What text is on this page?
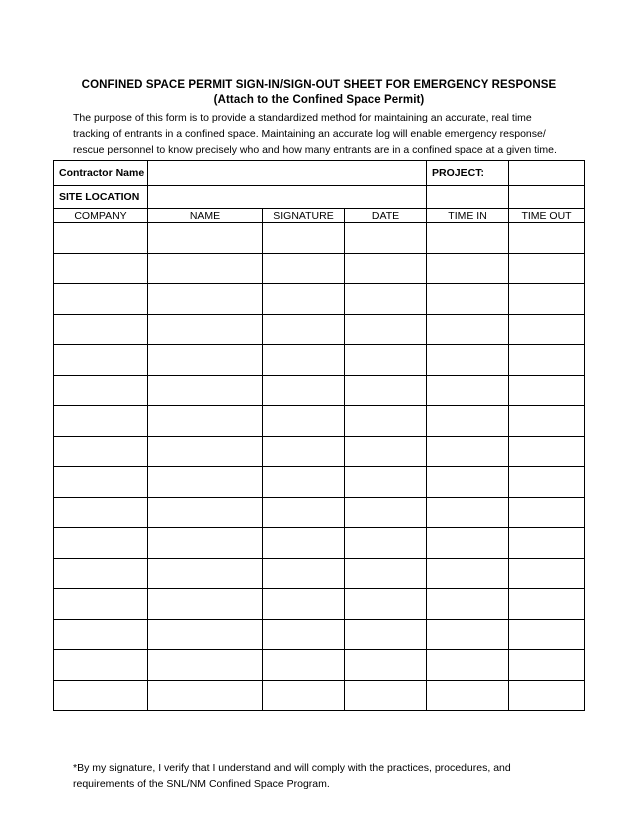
CONFINED SPACE PERMIT SIGN-IN/SIGN-OUT SHEET FOR EMERGENCY RESPONSE
(Attach to the Confined Space Permit)
The purpose of this form is to provide a standardized method for maintaining an accurate, real time
tracking of entrants in a confined space. Maintaining an accurate log will enable emergency response/
rescue personnel to know precisely who and how many entrants are in a confined space at a given time.
Contractor Name				PROJECT:	
SITE LOCATION					
COMPANY	NAME	SIGNATURE	DATE	TIME IN	TIME OUT

*By my signature, I verify that I understand and will comply with the practices, procedures, and
requirements of the SNL/NM Confined Space Program.
